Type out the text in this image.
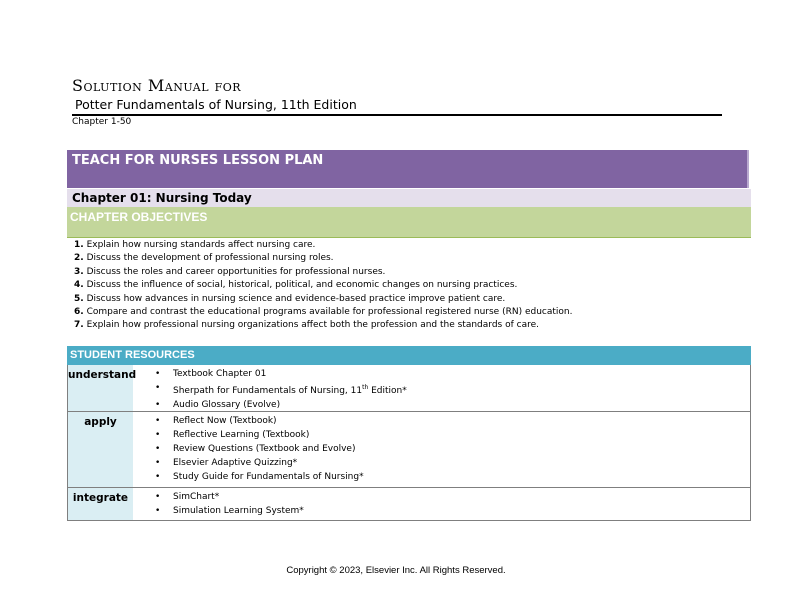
Solution Manual for
Potter Fundamentals of Nursing, 11th Edition
Chapter 1-50
TEACH FOR NURSES LESSON PLAN
Chapter 01: Nursing Today
CHAPTER OBJECTIVES
1. Explain how nursing standards affect nursing care.
2. Discuss the development of professional nursing roles.
3. Discuss the roles and career opportunities for professional nurses.
4. Discuss the influence of social, historical, political, and economic changes on nursing practices.
5. Discuss how advances in nursing science and evidence-based practice improve patient care.
6. Compare and contrast the educational programs available for professional registered nurse (RN) education.
7. Explain how professional nursing organizations affect both the profession and the standards of care.
STUDENT RESOURCES
understand	• Textbook Chapter 01
• Sherpath for Fundamentals of Nursing, 11th Edition*
• Audio Glossary (Evolve)
apply	• Reflect Now (Textbook)
• Reflective Learning (Textbook)
• Review Questions (Textbook and Evolve)
• Elsevier Adaptive Quizzing*
• Study Guide for Fundamentals of Nursing*
integrate	• SimChart*
• Simulation Learning System*
Copyright © 2023, Elsevier Inc. All Rights Reserved.
